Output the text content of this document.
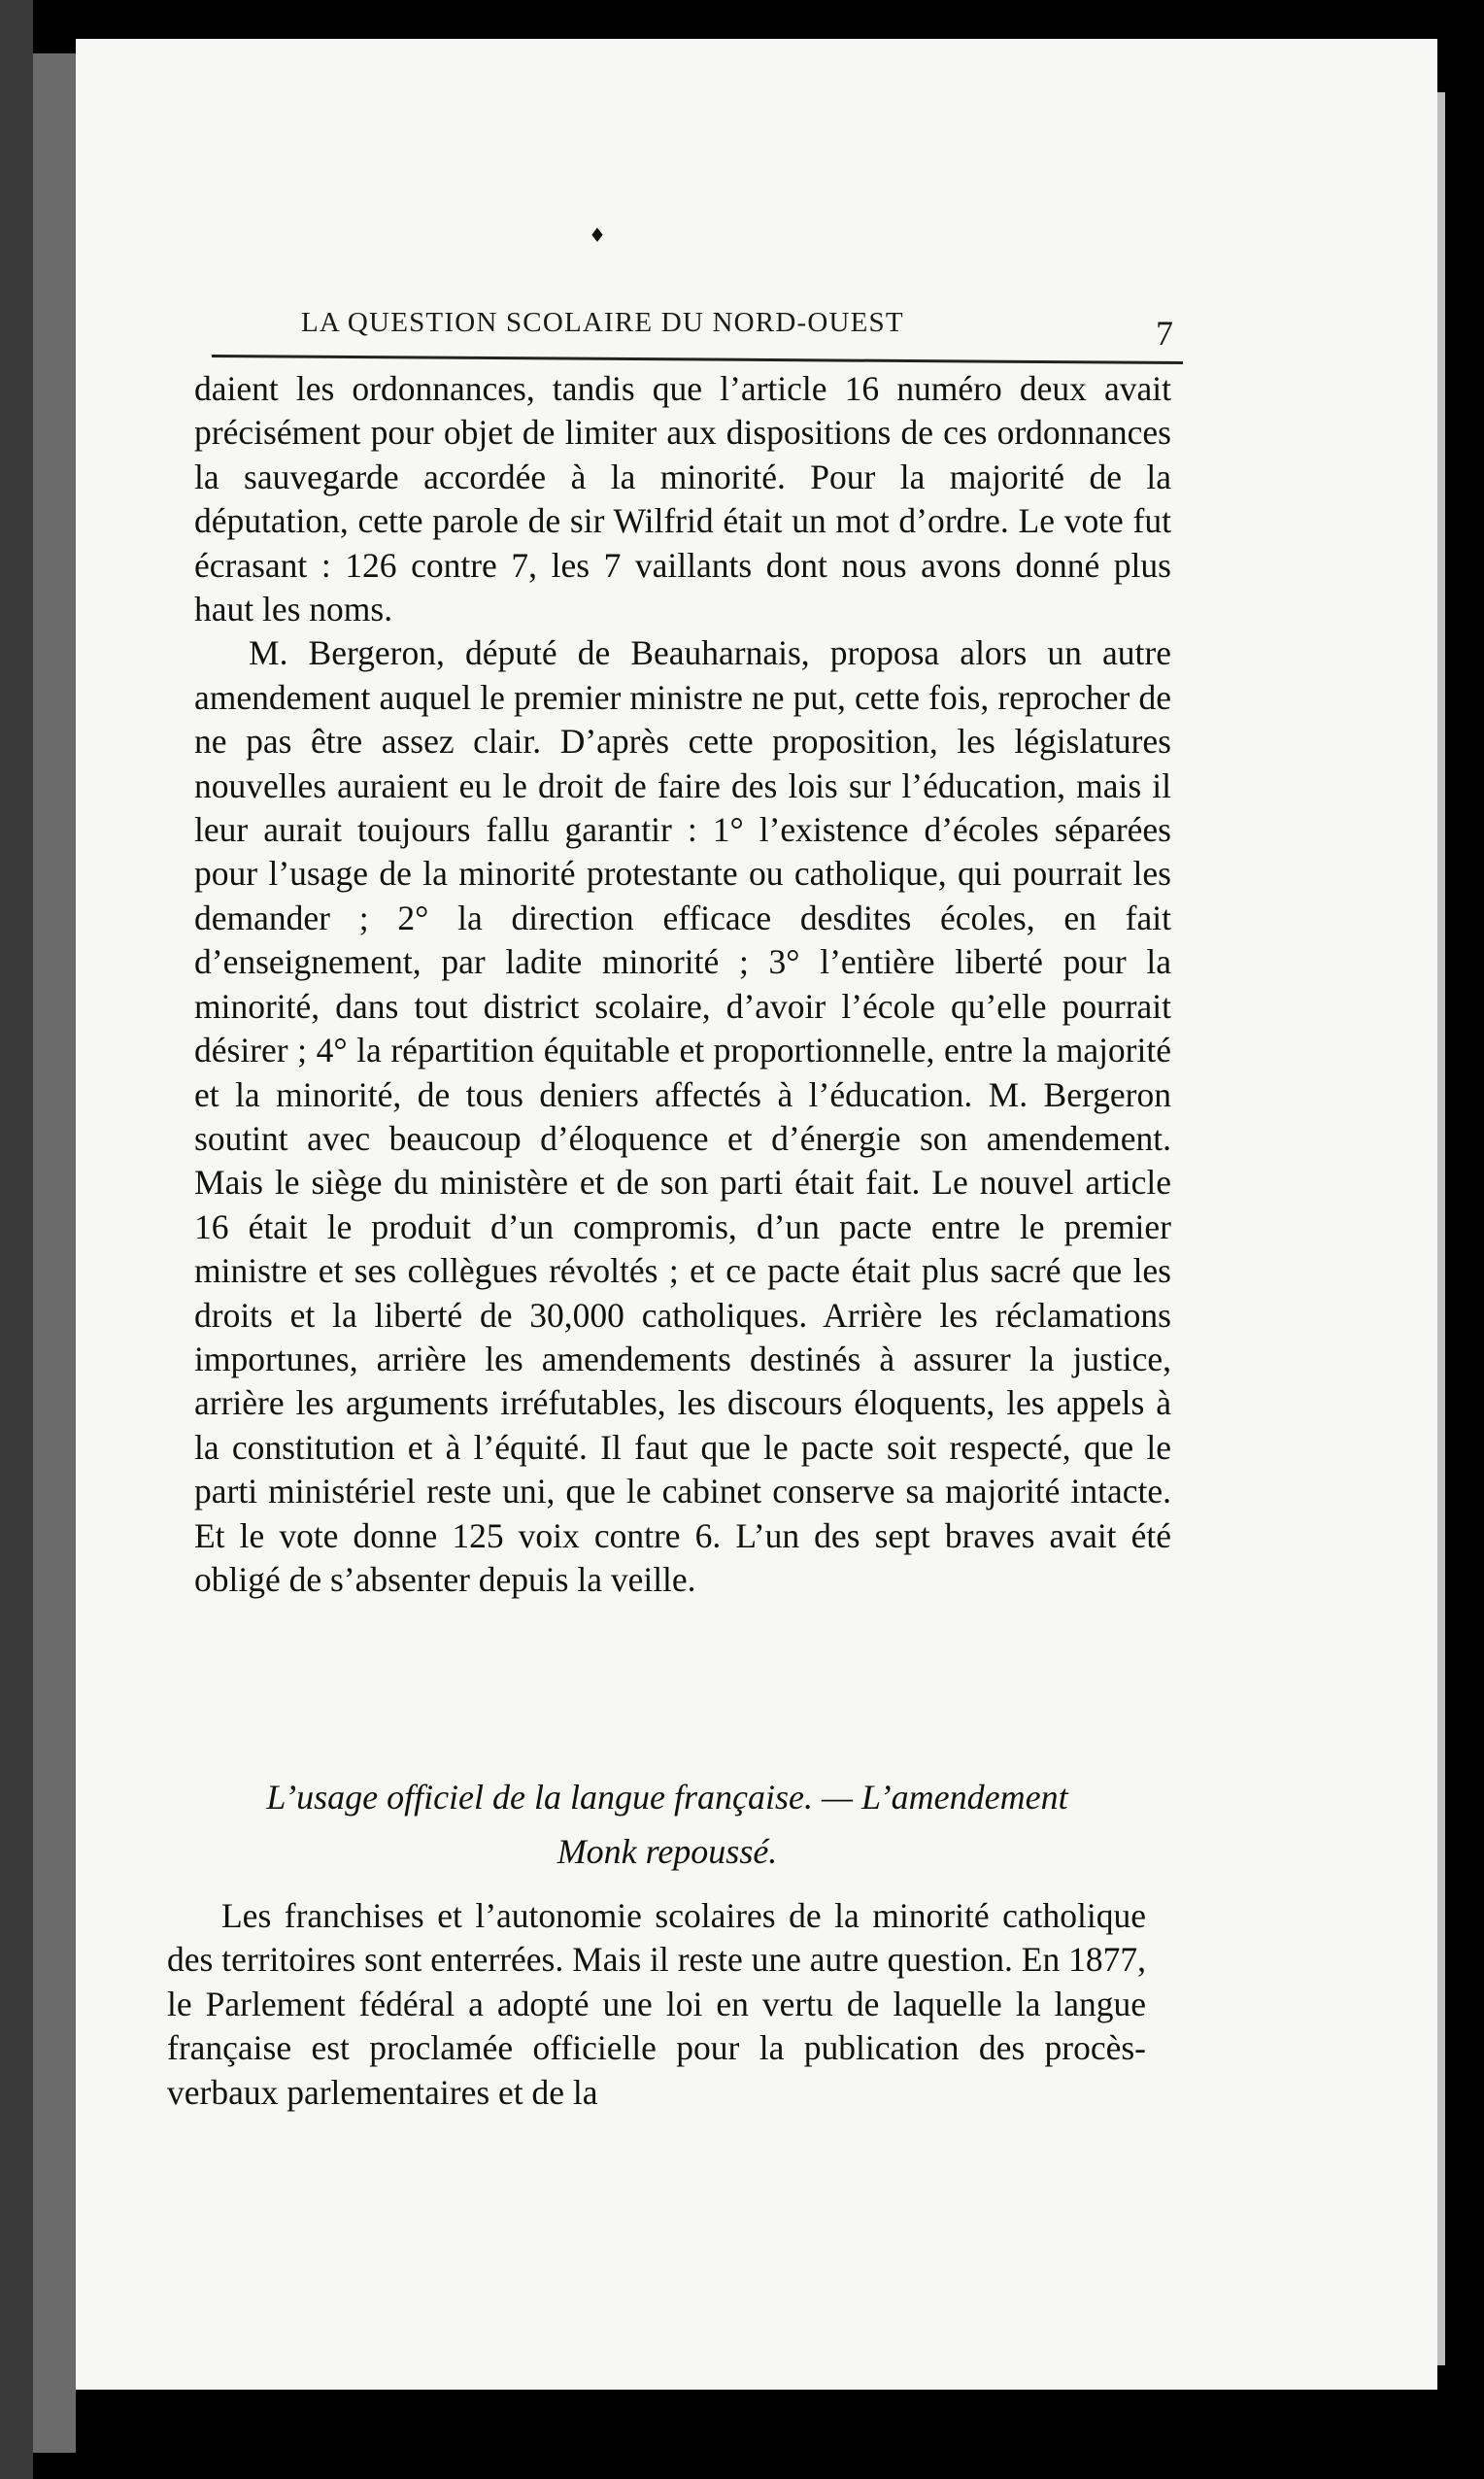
♦
LA QUESTION SCOLAIRE DU NORD-OUEST	7

daient les ordonnances, tandis que l’article 16 numéro deux avait précisément pour objet de limiter aux dispositions de ces ordonnances la sauvegarde accordée à la minorité. Pour la majorité de la députation, cette parole de sir Wilfrid était un mot d’ordre. Le vote fut écrasant : 126 contre 7, les 7 vaillants dont nous avons donné plus haut les noms.

M. Bergeron, député de Beauharnais, proposa alors un autre amendement auquel le premier ministre ne put, cette fois, reprocher de ne pas être assez clair. D’après cette proposition, les législatures nouvelles auraient eu le droit de faire des lois sur l’éducation, mais il leur aurait toujours fallu garantir : 1° l’existence d’écoles séparées pour l’usage de la minorité protestante ou catholique, qui pourrait les demander ; 2° la direction efficace desdites écoles, en fait d’enseignement, par ladite minorité ; 3° l’entière liberté pour la minorité, dans tout district scolaire, d’avoir l’école qu’elle pourrait désirer ; 4° la répartition équitable et proportionnelle, entre la majorité et la minorité, de tous deniers affectés à l’éducation. M. Bergeron soutint avec beaucoup d’éloquence et d’énergie son amendement. Mais le siège du ministère et de son parti était fait. Le nouvel article 16 était le produit d’un compromis, d’un pacte entre le premier ministre et ses collègues révoltés ; et ce pacte était plus sacré que les droits et la liberté de 30,000 catholiques. Arrière les réclamations importunes, arrière les amendements destinés à assurer la justice, arrière les arguments irréfutables, les discours éloquents, les appels à la constitution et à l’équité. Il faut que le pacte soit respecté, que le parti ministériel reste uni, que le cabinet conserve sa majorité intacte. Et le vote donne 125 voix contre 6. L’un des sept braves avait été obligé de s’absenter depuis la veille.

L’usage officiel de la langue française. — L’amendement
Monk repoussé.

Les franchises et l’autonomie scolaires de la minorité catholique des territoires sont enterrées. Mais il reste une autre question. En 1877, le Parlement fédéral a adopté une loi en vertu de laquelle la langue française est proclamée officielle pour la publication des procès-verbaux parlementaires et de la
